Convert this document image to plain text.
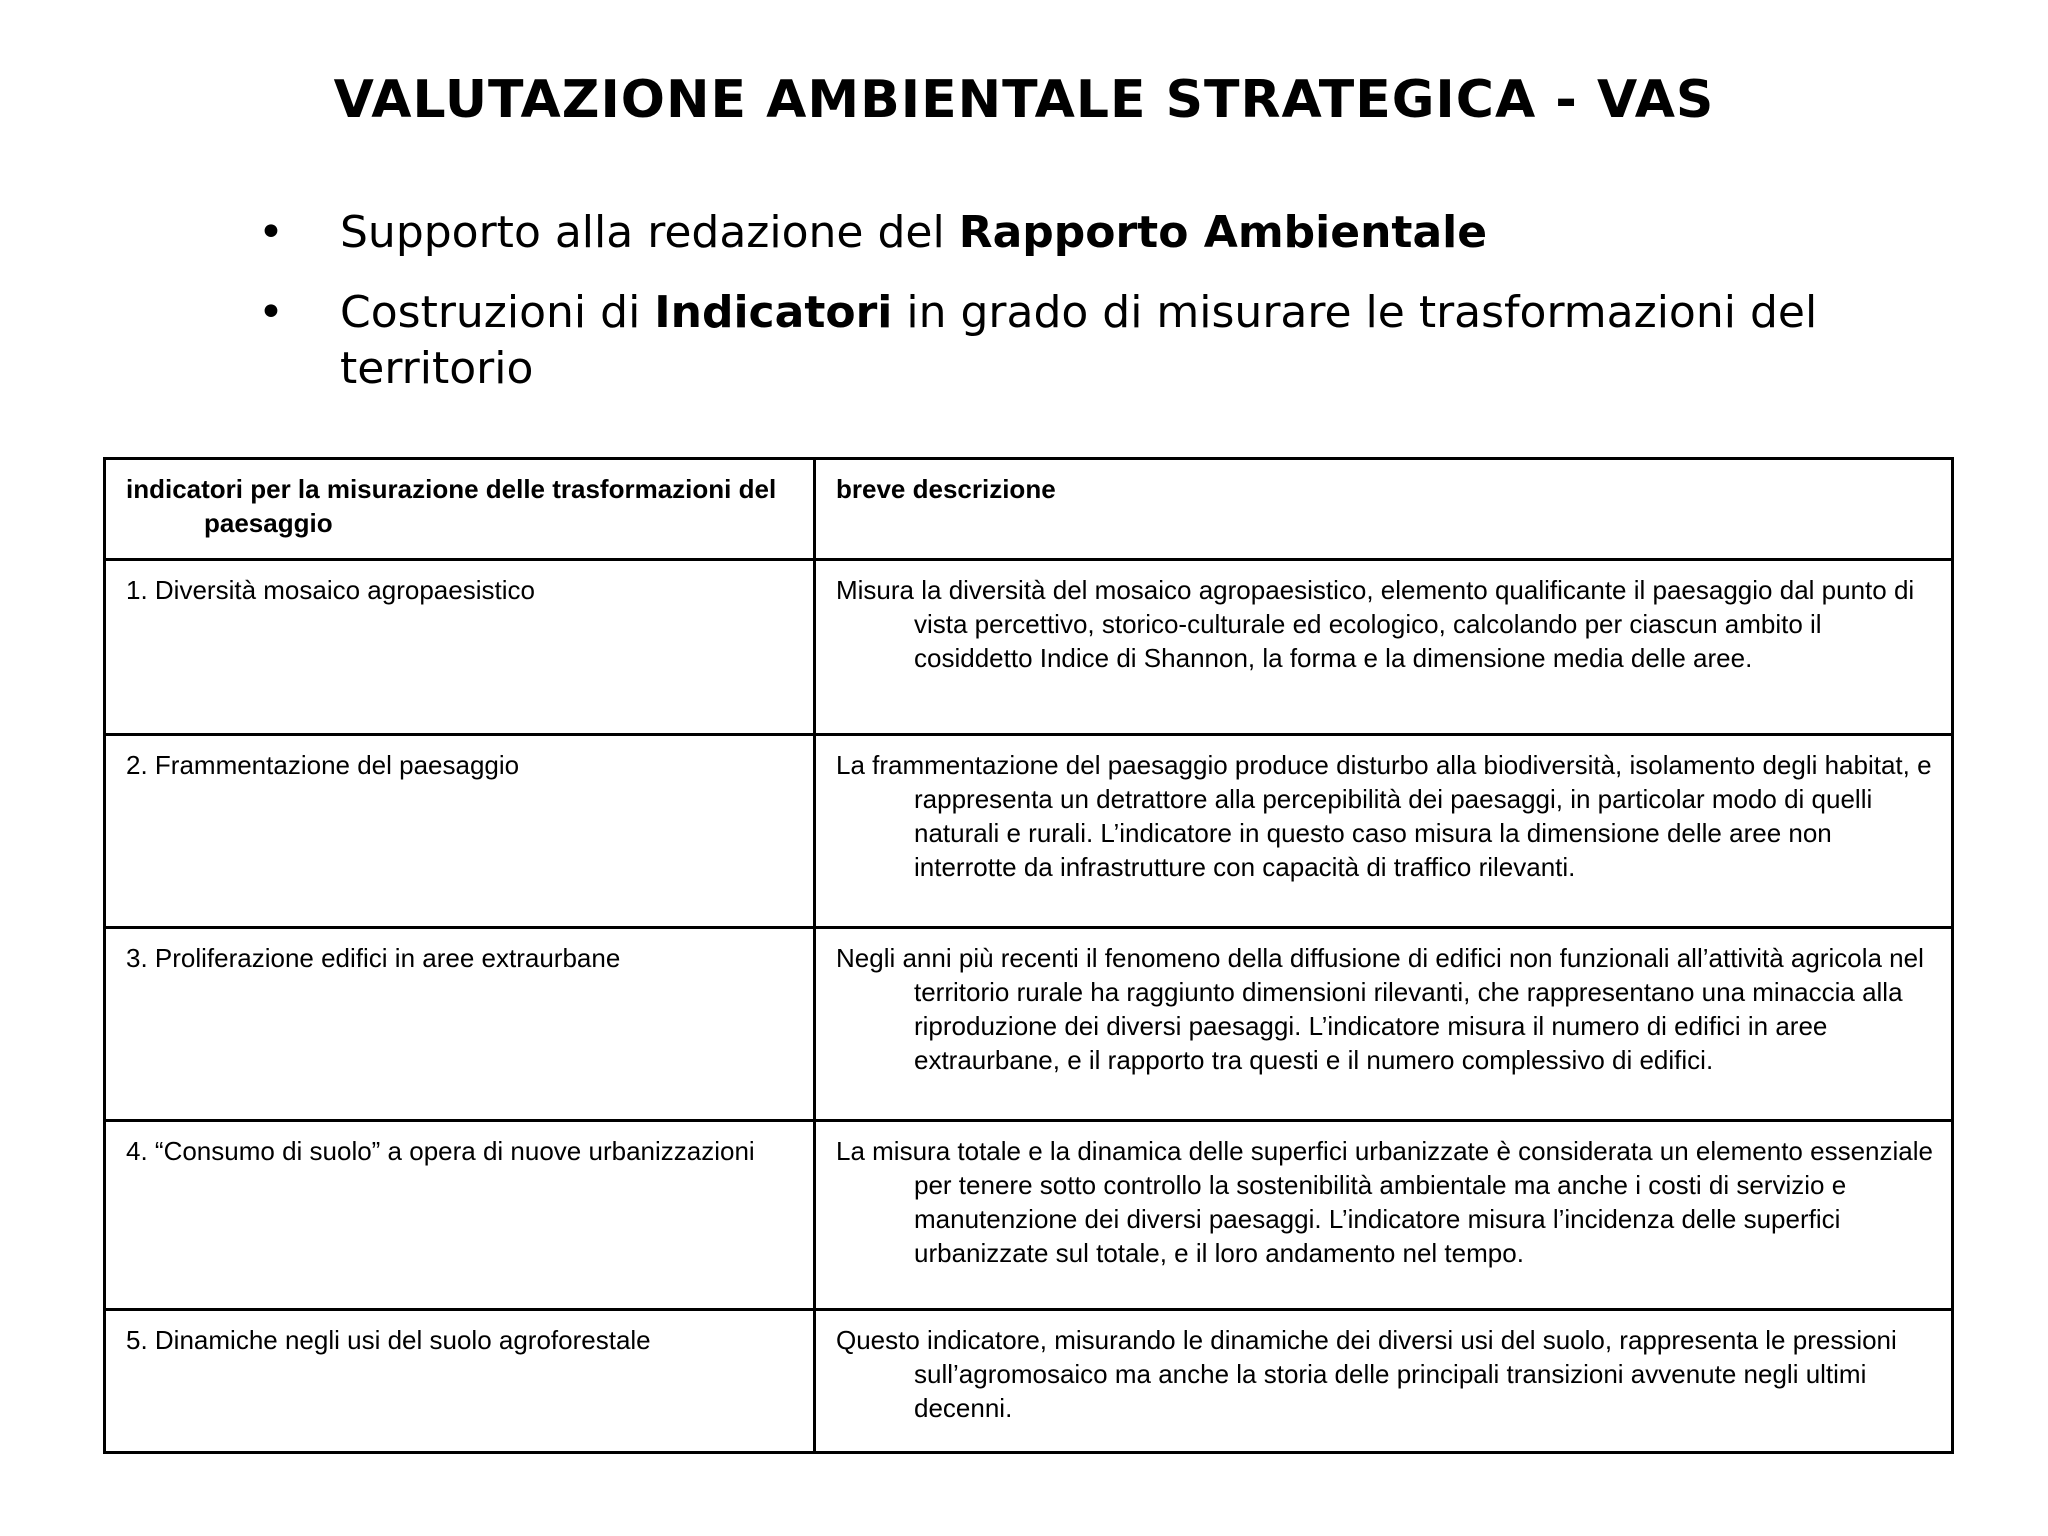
VALUTAZIONE AMBIENTALE STRATEGICA - VAS
• Supporto alla redazione del Rapporto Ambientale
• Costruzioni di Indicatori in grado di misurare le trasformazioni del territorio
indicatori per la misurazione delle trasformazioni del paesaggio	breve descrizione

1. Diversità mosaico agropaesistico	Misura la diversità del mosaico agropaesistico, elemento qualificante il paesaggio dal punto di vista percettivo, storico-culturale ed ecologico, calcolando per ciascun ambito il cosiddetto Indice di Shannon, la forma e la dimensione media delle aree.

2. Frammentazione del paesaggio	La frammentazione del paesaggio produce disturbo alla biodiversità, isolamento degli habitat, e rappresenta un detrattore alla percepibilità dei paesaggi, in particolar modo di quelli naturali e rurali. L’indicatore in questo caso misura la dimensione delle aree non interrotte da infrastrutture con capacità di traffico rilevanti.

3. Proliferazione edifici in aree extraurbane	Negli anni più recenti il fenomeno della diffusione di edifici non funzionali all’attività agricola nel territorio rurale ha raggiunto dimensioni rilevanti, che rappresentano una minaccia alla riproduzione dei diversi paesaggi. L’indicatore misura il numero di edifici in aree extraurbane, e il rapporto tra questi e il numero complessivo di edifici.

4. “Consumo di suolo” a opera di nuove urbanizzazioni	La misura totale e la dinamica delle superfici urbanizzate è considerata un elemento essenziale per tenere sotto controllo la sostenibilità ambientale ma anche i costi di servizio e manutenzione dei diversi paesaggi. L’indicatore misura l’incidenza delle superfici urbanizzate sul totale, e il loro andamento nel tempo.

5. Dinamiche negli usi del suolo agroforestale	Questo indicatore, misurando le dinamiche dei diversi usi del suolo, rappresenta le pressioni sull’agromosaico ma anche la storia delle principali transizioni avvenute negli ultimi decenni.
